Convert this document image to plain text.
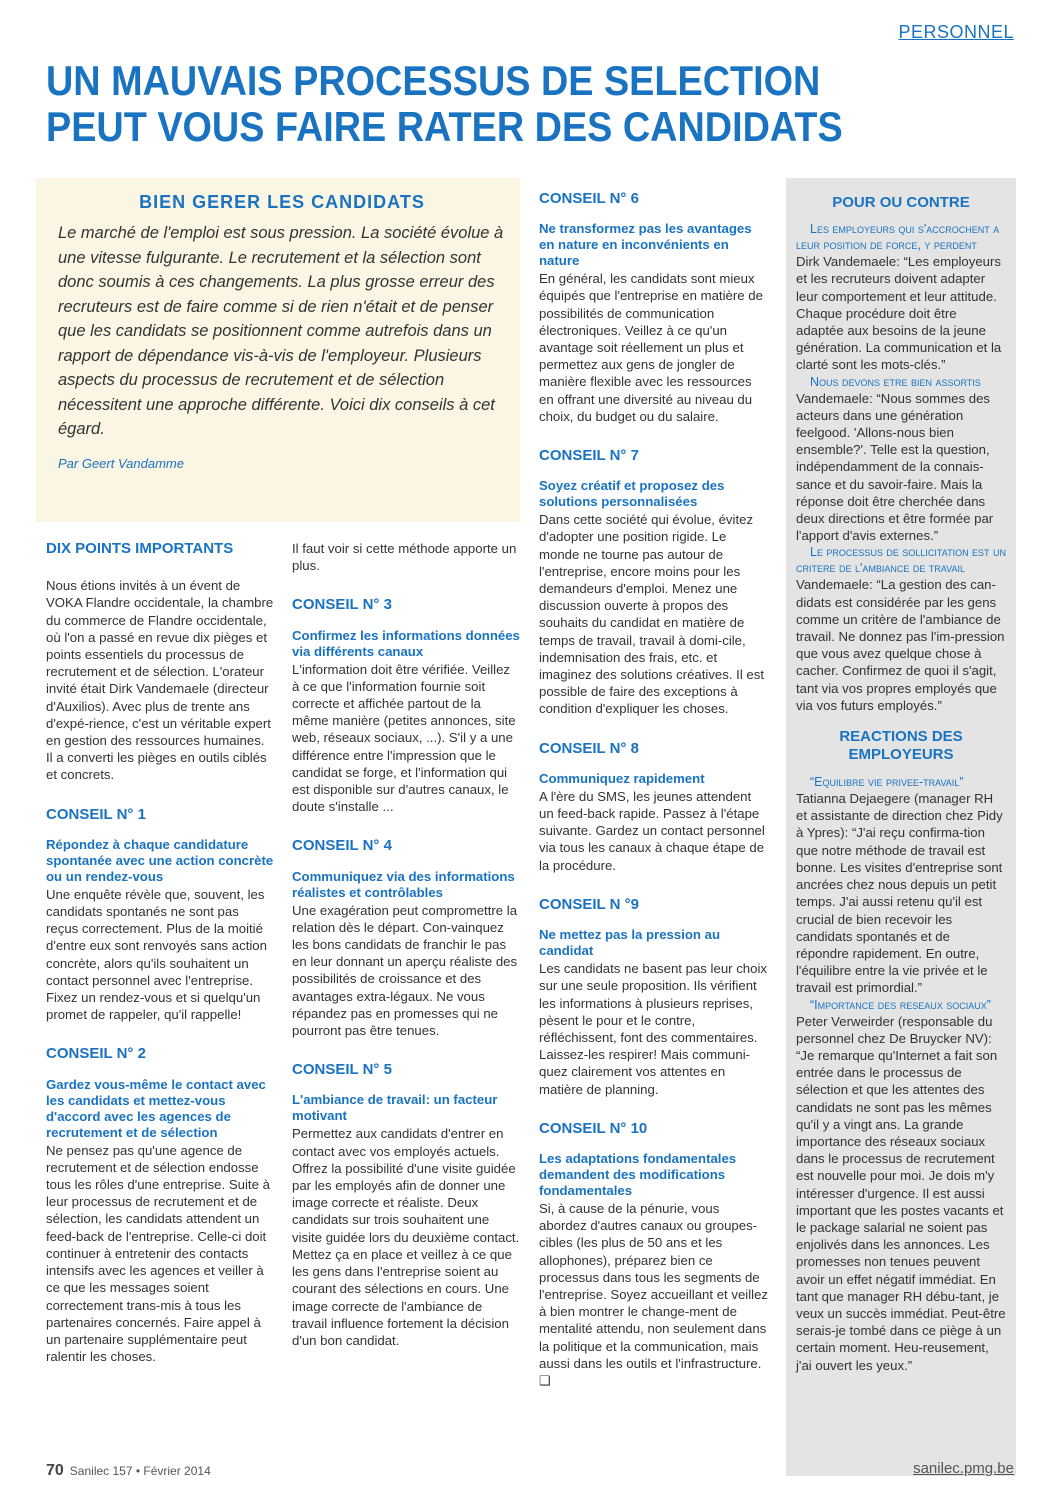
PERSONNEL
UN MAUVAIS PROCESSUS DE SELECTION
PEUT VOUS FAIRE RATER DES CANDIDATS
BIEN GERER LES CANDIDATS

Le marché de l'emploi est sous pression. La société évolue à une vitesse fulgurante. Le recrutement et la sélection sont donc soumis à ces changements. La plus grosse erreur des recruteurs est de faire comme si de rien n'était et de penser que les candidats se positionnent comme autrefois dans un rapport de dépendance vis-à-vis de l'employeur. Plusieurs aspects du processus de recrutement et de sélection nécessitent une approche différente. Voici dix conseils à cet égard.

Par Geert Vandamme
DIX POINTS IMPORTANTS

Nous étions invités à un évent de VOKA Flandre occidentale, la chambre du commerce de Flandre occidentale, où l'on a passé en revue dix pièges et points essentiels du processus de recrutement et de sélection. L'orateur invité était Dirk Vandemaele (directeur d'Auxilios). Avec plus de trente ans d'expé-rience, c'est un véritable expert en gestion des ressources humaines. Il a converti les pièges en outils ciblés et concrets.

CONSEIL N° 1
Répondez à chaque candidature spontanée avec une action concrète ou un rendez-vous

Une enquête révèle que, souvent, les candidats spontanés ne sont pas reçus correctement. Plus de la moitié d'entre eux sont renvoyés sans action concrète, alors qu'ils souhaitent un contact personnel avec l'entreprise. Fixez un rendez-vous et si quelqu'un promet de rappeler, qu'il rappelle!

CONSEIL N° 2
Gardez vous-même le contact avec les candidats et mettez-vous d'accord avec les agences de recrutement et de sélection

Ne pensez pas qu'une agence de recrutement et de sélection endosse tous les rôles d'une entreprise. Suite à leur processus de recrutement et de sélection, les candidats attendent un feed-back de l'entreprise. Celle-ci doit continuer à entretenir des contacts intensifs avec les agences et veiller à ce que les messages soient correctement trans-mis à tous les partenaires concernés. Faire appel à un partenaire supplémentaire peut ralentir les choses.

Il faut voir si cette méthode apporte un plus.

CONSEIL N° 3
Confirmez les informations données via différents canaux

L'information doit être vérifiée. Veillez à ce que l'information fournie soit correcte et affichée partout de la même manière (petites annonces, site web, réseaux sociaux, ...). S'il y a une différence entre l'impression que le candidat se forge, et l'information qui est disponible sur d'autres canaux, le doute s'installe ...

CONSEIL N° 4
Communiquez via des informations réalistes et contrôlables

Une exagération peut compromettre la relation dès le départ. Con-vainquez les bons candidats de franchir le pas en leur donnant un aperçu réaliste des possibilités de croissance et des avantages extra-légaux. Ne vous répandez pas en promesses qui ne pourront pas être tenues.

CONSEIL N° 5
L'ambiance de travail: un facteur motivant

Permettez aux candidats d'entrer en contact avec vos employés actuels. Offrez la possibilité d'une visite guidée par les employés afin de donner une image correcte et réaliste. Deux candidats sur trois souhaitent une visite guidée lors du deuxième contact. Mettez ça en place et veillez à ce que les gens dans l'entreprise soient au courant des sélections en cours. Une image correcte de l'ambiance de travail influence fortement la décision d'un bon candidat.

CONSEIL N° 6
Ne transformez pas les avantages en nature en inconvénients en nature

En général, les candidats sont mieux équipés que l'entreprise en matière de possibilités de communication électroniques. Veillez à ce qu'un avantage soit réellement un plus et permettez aux gens de jongler de manière flexible avec les ressources en offrant une diversité au niveau du choix, du budget ou du salaire.

CONSEIL N° 7
Soyez créatif et proposez des solutions personnalisées

Dans cette société qui évolue, évitez d'adopter une position rigide. Le monde ne tourne pas autour de l'entreprise, encore moins pour les demandeurs d'emploi. Menez une discussion ouverte à propos des souhaits du candidat en matière de temps de travail, travail à domi-cile, indemnisation des frais, etc. et imaginez des solutions créatives. Il est possible de faire des exceptions à condition d'expliquer les choses.

CONSEIL N° 8
Communiquez rapidement

A l'ère du SMS, les jeunes attendent un feed-back rapide. Passez à l'étape suivante. Gardez un contact personnel via tous les canaux à chaque étape de la procédure.

CONSEIL N °9
Ne mettez pas la pression au candidat

Les candidats ne basent pas leur choix sur une seule proposition. Ils vérifient les informations à plusieurs reprises, pèsent le pour et le contre, réfléchissent, font des commentaires. Laissez-les respirer! Mais communi-quez clairement vos attentes en matière de planning.

CONSEIL N° 10
Les adaptations fondamentales demandent des modifications fondamentales

Si, à cause de la pénurie, vous abordez d'autres canaux ou groupes-cibles (les plus de 50 ans et les allophones), préparez bien ce processus dans tous les segments de l'entreprise. Soyez accueillant et veillez à bien montrer le change-ment de mentalité attendu, non seulement dans la politique et la communication, mais aussi dans les outils et l'infrastructure. ❑

POUR OU CONTRE
Les employeurs qui s'accrochent a leur position de force, y perdent

Dirk Vandemaele: “Les employeurs et les recruteurs doivent adapter leur comportement et leur attitude. Chaque procédure doit être adaptée aux besoins de la jeune génération. La communication et la clarté sont les mots-clés.”

Nous devons etre bien assortis

Vandemaele: “Nous sommes des acteurs dans une génération feelgood. 'Allons-nous bien ensemble?'. Telle est la question, indépendamment de la connais-sance et du savoir-faire. Mais la réponse doit être cherchée dans deux directions et être formée par l'apport d'avis externes.”

Le processus de sollicitation est un critere de l'ambiance de travail

Vandemaele: “La gestion des can-didats est considérée par les gens comme un critère de l'ambiance de travail. Ne donnez pas l'im-pression que vous avez quelque chose à cacher. Confirmez de quoi il s'agit, tant via vos propres employés que via vos futurs employés.”

REACTIONS DES EMPLOYEURS
“Equilibre vie privee-travail”

Tatianna Dejaegere (manager RH et assistante de direction chez Pidy à Ypres): “J'ai reçu confirma-tion que notre méthode de travail est bonne. Les visites d'entreprise sont ancrées chez nous depuis un petit temps. J'ai aussi retenu qu'il est crucial de bien recevoir les candidats spontanés et de répondre rapidement. En outre, l'équilibre entre la vie privée et le travail est primordial.”

“Importance des reseaux sociaux”

Peter Verweirder (responsable du personnel chez De Bruycker NV): “Je remarque qu'Internet a fait son entrée dans le processus de sélection et que les attentes des candidats ne sont pas les mêmes qu'il y a vingt ans. La grande importance des réseaux sociaux dans le processus de recrutement est nouvelle pour moi. Je dois m'y intéresser d'urgence. Il est aussi important que les postes vacants et le package salarial ne soient pas enjolivés dans les annonces. Les promesses non tenues peuvent avoir un effet négatif immédiat. En tant que manager RH débu-tant, je veux un succès immédiat. Peut-être serais-je tombé dans ce piège à un certain moment. Heu-reusement, j'ai ouvert les yeux.”

70 Sanilec 157 • Février 2014	sanilec.pmg.be
